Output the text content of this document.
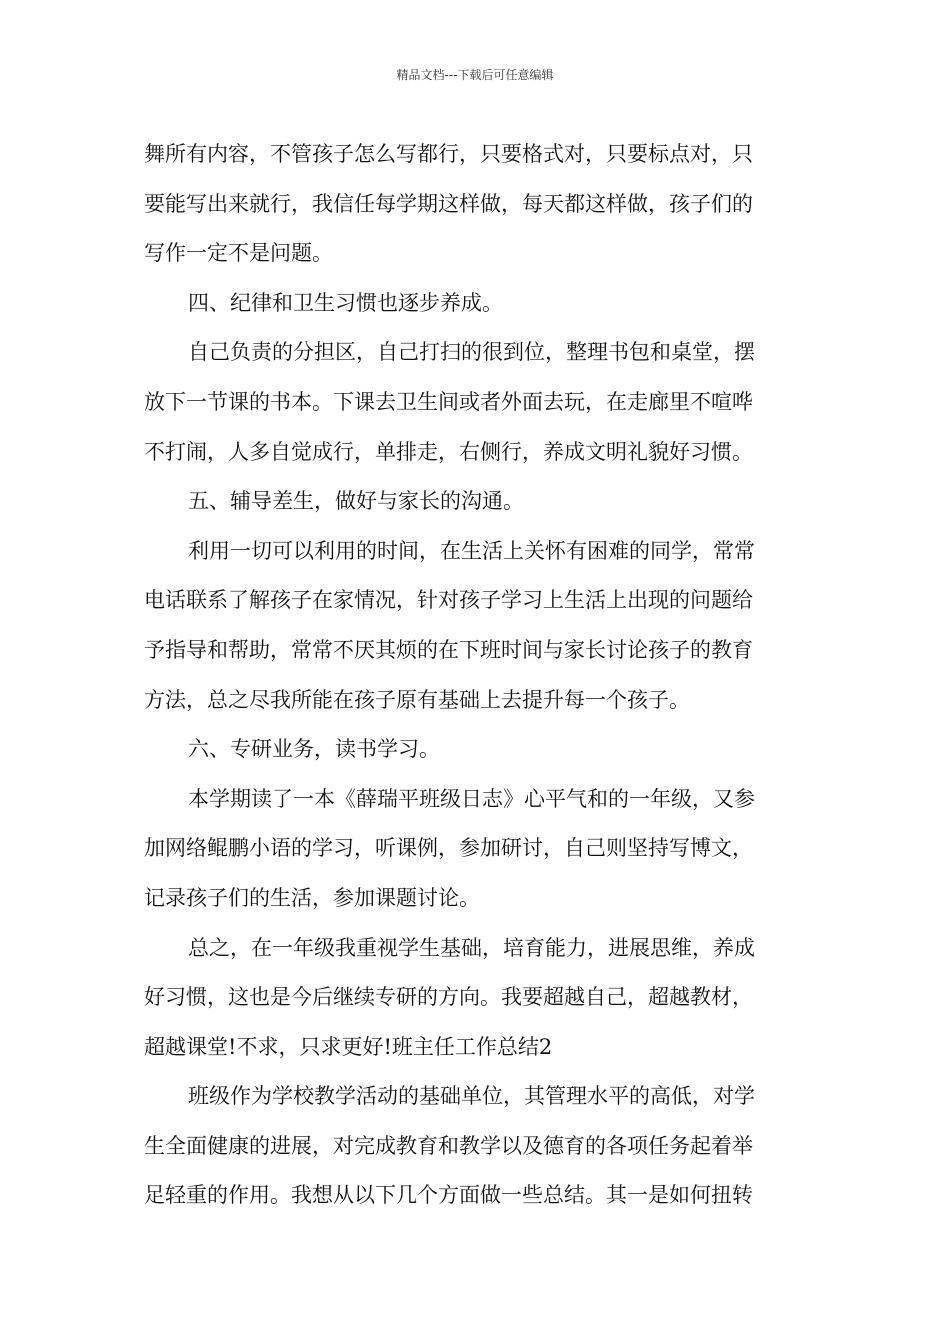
精品文档---下载后可任意编辑
舞所有内容，不管孩子怎么写都行，只要格式对，只要标点对，只
要能写出来就行，我信任每学期这样做，每天都这样做，孩子们的
写作一定不是问题。
四、纪律和卫生习惯也逐步养成。
自己负责的分担区，自己打扫的很到位，整理书包和桌堂，摆
放下一节课的书本。下课去卫生间或者外面去玩，在走廊里不喧哗
不打闹，人多自觉成行，单排走，右侧行，养成文明礼貌好习惯。
五、辅导差生，做好与家长的沟通。
利用一切可以利用的时间，在生活上关怀有困难的同学，常常
电话联系了解孩子在家情况，针对孩子学习上生活上出现的问题给
予指导和帮助，常常不厌其烦的在下班时间与家长讨论孩子的教育
方法，总之尽我所能在孩子原有基础上去提升每一个孩子。
六、专研业务，读书学习。
本学期读了一本《薛瑞平班级日志》心平气和的一年级，又参
加网络鲲鹏小语的学习，听课例，参加研讨，自己则坚持写博文，
记录孩子们的生活，参加课题讨论。
总之，在一年级我重视学生基础，培育能力，进展思维，养成
好习惯，这也是今后继续专研的方向。我要超越自己，超越教材，
超越课堂!不求，只求更好!班主任工作总结2
班级作为学校教学活动的基础单位，其管理水平的高低，对学
生全面健康的进展，对完成教育和教学以及德育的各项任务起着举
足轻重的作用。我想从以下几个方面做一些总结。其一是如何扭转
